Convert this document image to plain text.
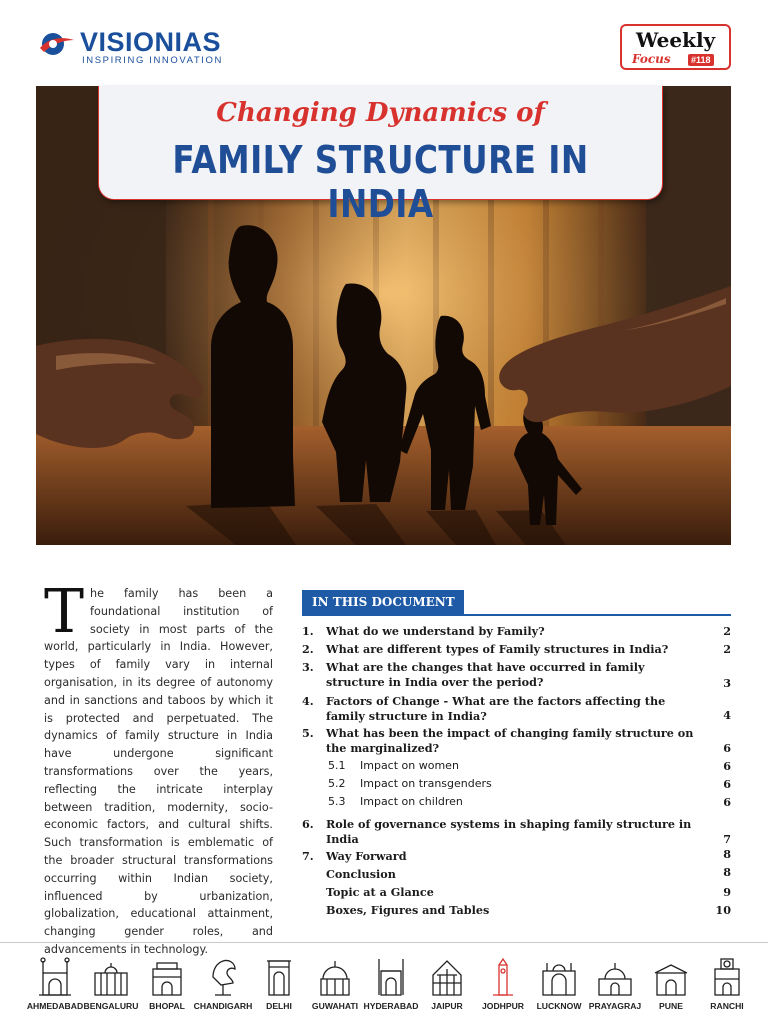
VISIONIAS
INSPIRING INNOVATION
Weekly
Focus	#118
Changing Dynamics of
FAMILY STRUCTURE IN INDIA
The family has been a foundational institution of society in most parts of the world, particularly in India. However, types of family vary in internal organisation, in its degree of autonomy and in sanctions and taboos by which it is protected and perpetuated. The dynamics of family structure in India have undergone significant transformations over the years, reflecting the intricate interplay between tradition, modernity, socio-economic factors, and cultural shifts. Such transformation is emblematic of the broader structural transformations occurring within Indian society, influenced by urbanization, globalization, educational attainment, changing gender roles, and advancements in technology.
IN THIS DOCUMENT
1. What do we understand by Family?	2
2. What are different types of Family structures in India?	2
3. What are the changes that have occurred in family structure in India over the period?	3
4. Factors of Change - What are the factors affecting the family structure in India?	4
5. What has been the impact of changing family structure on the marginalized?	6
5.1 Impact on women	6
5.2 Impact on transgenders	6
5.3 Impact on children	6
6. Role of governance systems in shaping family structure in India	7
7. Way Forward	8
Conclusion	8
Topic at a Glance	9
Boxes, Figures and Tables	10
AHMEDABAD BENGALURU	BHOPAL	CHANDIGARH	DELHI	GUWAHATI HYDERABAD	JAIPUR	JODHPUR	LUCKNOW PRAYAGRAJ	PUNE	RANCHI
